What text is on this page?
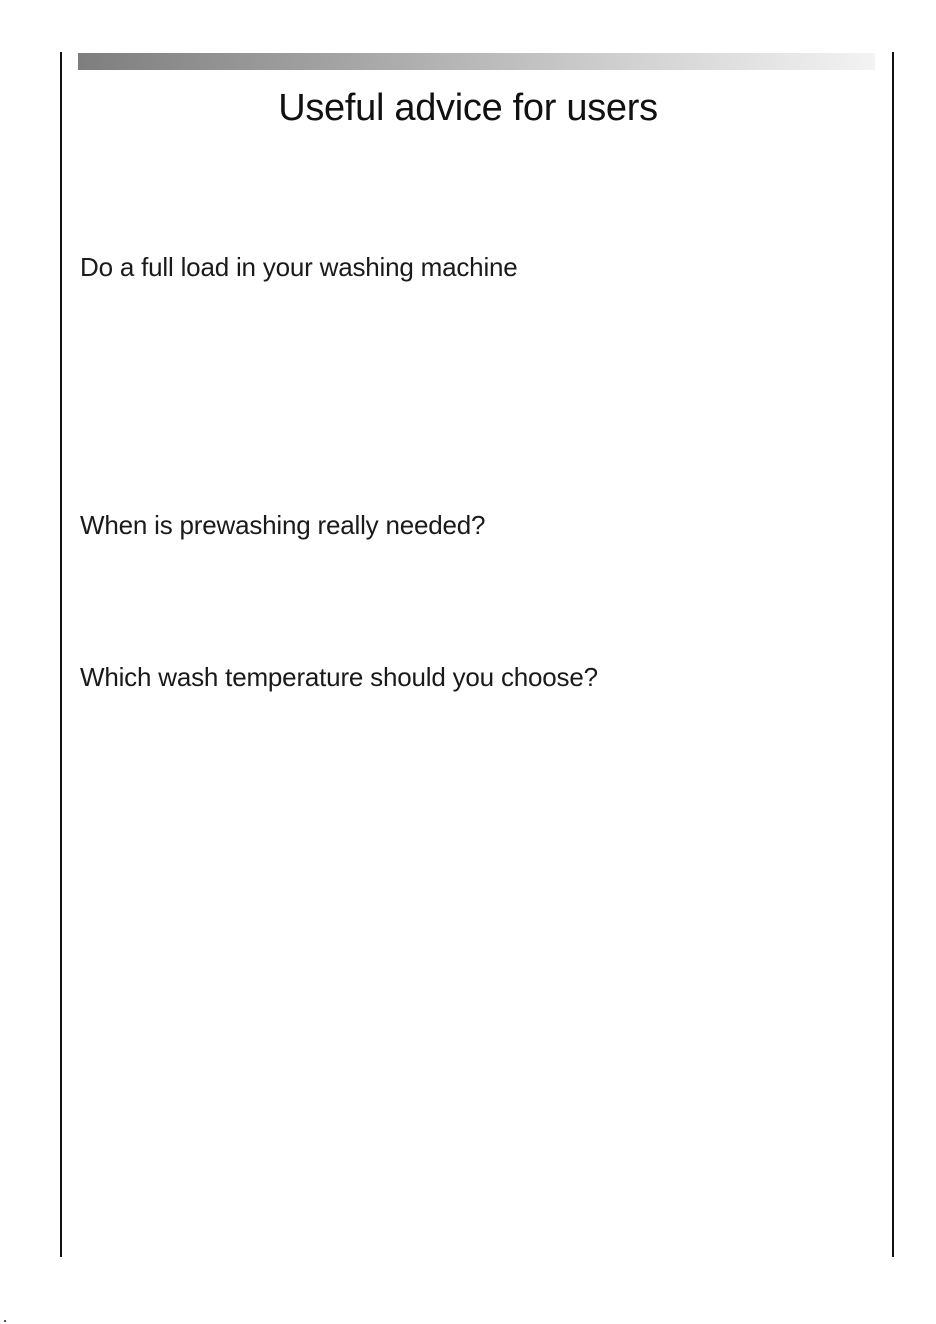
Useful advice for users
Do a full load in your washing machine
When is prewashing really needed?
Which wash temperature should you choose?
